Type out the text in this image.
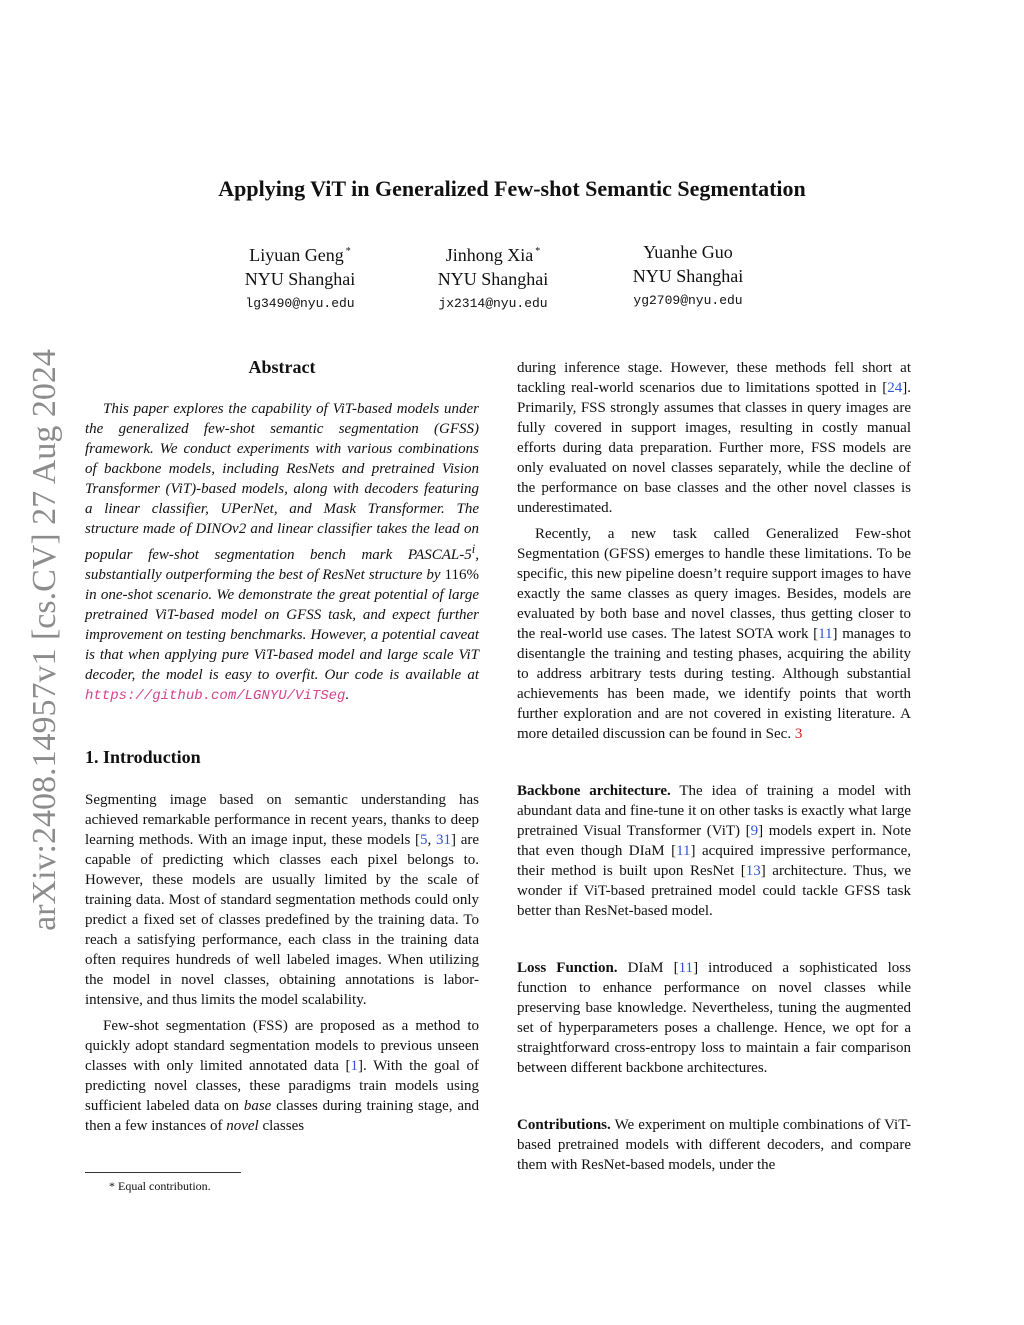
arXiv:2408.14957v1 [cs.CV] 27 Aug 2024
Applying ViT in Generalized Few-shot Semantic Segmentation
Liyuan Geng *
NYU Shanghai
lg3490@nyu.edu
Jinhong Xia *
NYU Shanghai
jx2314@nyu.edu
Yuanhe Guo
NYU Shanghai
yg2709@nyu.edu
Abstract

This paper explores the capability of ViT-based models under the generalized few-shot semantic segmentation (GFSS) framework. We conduct experiments with various combinations of backbone models, including ResNets and pretrained Vision Transformer (ViT)-based models, along with decoders featuring a linear classifier, UPerNet, and Mask Transformer. The structure made of DINOv2 and linear classifier takes the lead on popular few-shot segmentation bench mark PASCAL-5$^i$, substantially outperforming the best of ResNet structure by 116% in one-shot scenario. We demonstrate the great potential of large pretrained ViT-based model on GFSS task, and expect further improvement on testing benchmarks. However, a potential caveat is that when applying pure ViT-based model and large scale ViT decoder, the model is easy to overfit. Our code is available at https://github.com/LGNYU/ViTSeg.

1. Introduction

Segmenting image based on semantic understanding has achieved remarkable performance in recent years, thanks to deep learning methods. With an image input, these models [5, 31] are capable of predicting which classes each pixel belongs to. However, these models are usually limited by the scale of training data. Most of standard segmentation methods could only predict a fixed set of classes predefined by the training data. To reach a satisfying performance, each class in the training data often requires hundreds of well labeled images. When utilizing the model in novel classes, obtaining annotations is labor-intensive, and thus limits the model scalability.

Few-shot segmentation (FSS) are proposed as a method to quickly adopt standard segmentation models to previous unseen classes with only limited annotated data [1]. With the goal of predicting novel classes, these paradigms train models using sufficient labeled data on base classes during training stage, and then a few instances of novel classes

* Equal contribution.

during inference stage. However, these methods fell short at tackling real-world scenarios due to limitations spotted in [24]. Primarily, FSS strongly assumes that classes in query images are fully covered in support images, resulting in costly manual efforts during data preparation. Further more, FSS models are only evaluated on novel classes separately, while the decline of the performance on base classes and the other novel classes is underestimated.

Recently, a new task called Generalized Few-shot Segmentation (GFSS) emerges to handle these limitations. To be specific, this new pipeline doesn’t require support images to have exactly the same classes as query images. Besides, models are evaluated by both base and novel classes, thus getting closer to the real-world use cases. The latest SOTA work [11] manages to disentangle the training and testing phases, acquiring the ability to address arbitrary tests during testing. Although substantial achievements has been made, we identify points that worth further exploration and are not covered in existing literature. A more detailed discussion can be found in Sec. 3

Backbone architecture. The idea of training a model with abundant data and fine-tune it on other tasks is exactly what large pretrained Visual Transformer (ViT) [9] models expert in. Note that even though DIaM [11] acquired impressive performance, their method is built upon ResNet [13] architecture. Thus, we wonder if ViT-based pretrained model could tackle GFSS task better than ResNet-based model.

Loss Function. DIaM [11] introduced a sophisticated loss function to enhance performance on novel classes while preserving base knowledge. Nevertheless, tuning the augmented set of hyperparameters poses a challenge. Hence, we opt for a straightforward cross-entropy loss to maintain a fair comparison between different backbone architectures.

Contributions. We experiment on multiple combinations of ViT-based pretrained models with different decoders, and compare them with ResNet-based models, under the
